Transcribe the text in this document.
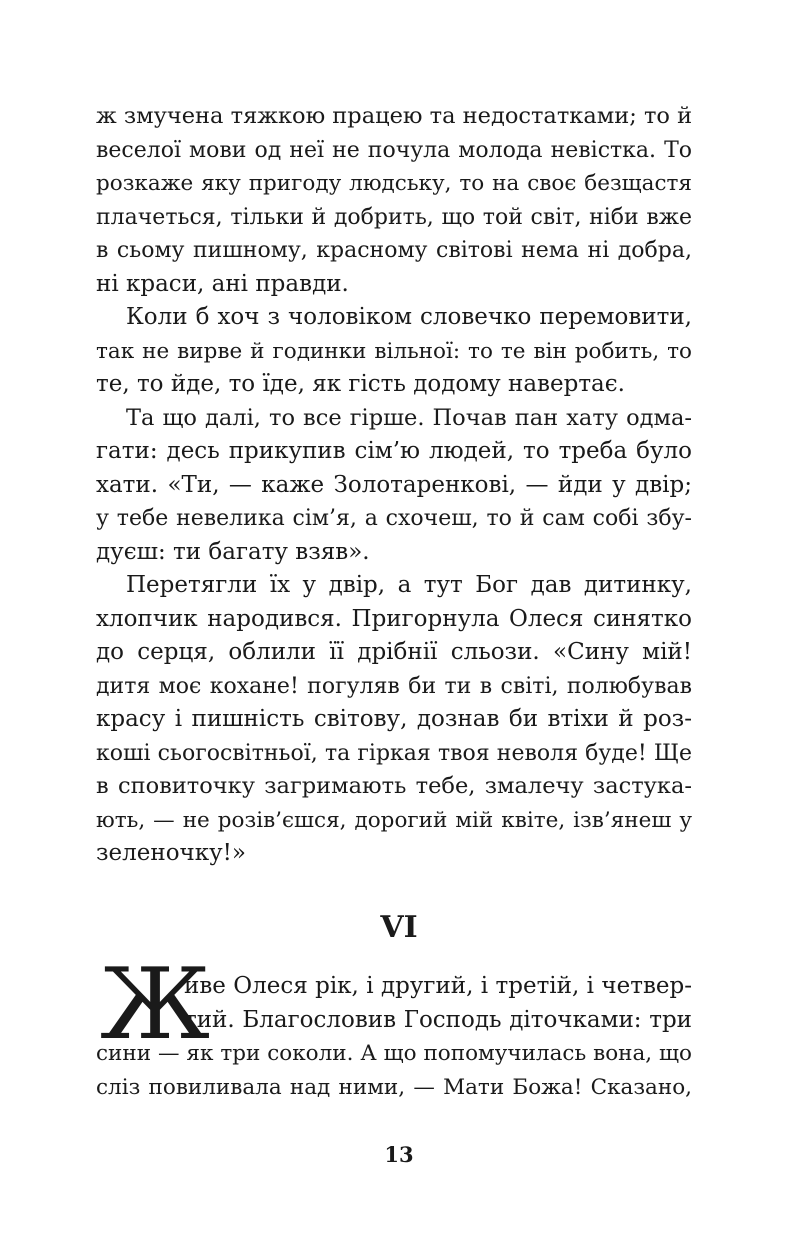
ж змучена тяжкою працею та недостатками; то й
веселої мови од неї не почула молода невістка. То
розкаже яку пригоду людську, то на своє безщастя
плачеться, тільки й добрить, що той світ, ніби вже
в сьому пишному, красному світові нема ні добра,
ні краси, ані правди.
Коли б хоч з чоловіком словечко перемовити,
так не вирве й годинки вільної: то те він робить, то
те, то йде, то їде, як гість додому навертає.
Та що далі, то все гірше. Почав пан хату одма-
гати: десь прикупив сім’ю людей, то треба було
хати. «Ти, — каже Золотаренкові, — йди у двір;
у тебе невелика сім’я, а схочеш, то й сам собі збу-
дуєш: ти багату взяв».
Перетягли їх у двір, а тут Бог дав дитинку,
хлопчик народився. Пригорнула Олеся синятко
до серця, облили її дрібнії сльози. «Сину мій!
дитя моє кохане! погуляв би ти в світі, полюбував
красу і пишність світову, дознав би втіхи й роз-
коші сьогосвітньої, та гіркая твоя неволя буде! Ще
в сповиточку загримають тебе, змалечу застука-
ють, — не розів’єшся, дорогий мій квіте, ізв’янеш у
зеленочку!»
VI
Ж
иве Олеся рік, і другий, і третій, і четвер-
тий. Благословив Господь діточками: три
сини — як три соколи. А що попомучилась вона, що
сліз повиливала над ними, — Мати Божа! Сказано,
13
